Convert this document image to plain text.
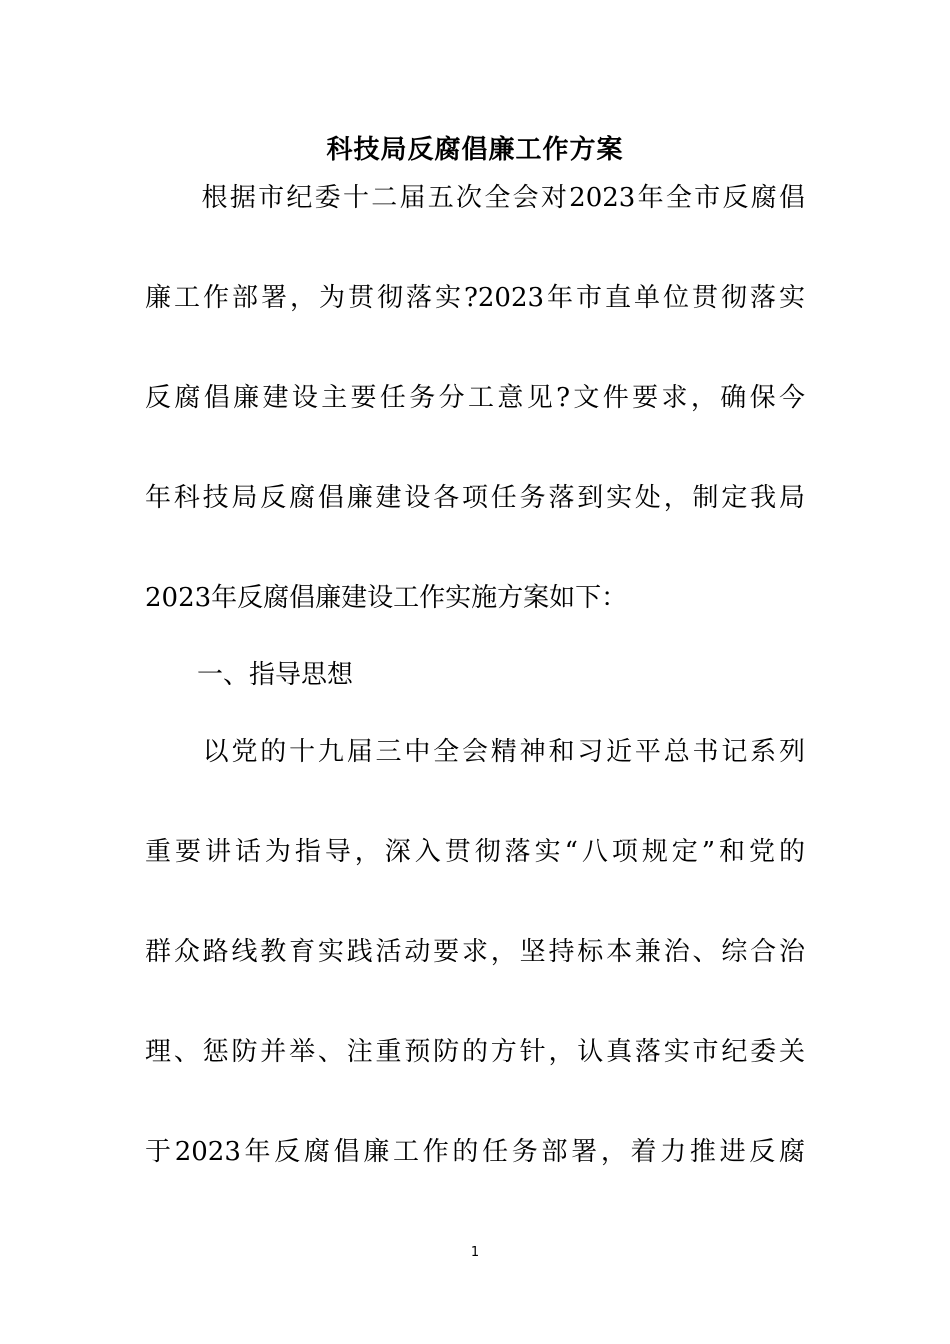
科技局反腐倡廉工作方案
　　根据市纪委十二届五次全会对2023年全市反腐倡
廉工作部署，为贯彻落实?2023年市直单位贯彻落实
反腐倡廉建设主要任务分工意见?文件要求，确保今
年科技局反腐倡廉建设各项任务落到实处，制定我局
2023年反腐倡廉建设工作实施方案如下：
　　一、指导思想
　　以党的十九届三中全会精神和习近平总书记系列
重要讲话为指导，深入贯彻落实“八项规定”和党的
群众路线教育实践活动要求，坚持标本兼治、综合治
理、惩防并举、注重预防的方针，认真落实市纪委关
于2023年反腐倡廉工作的任务部署，着力推进反腐
1
